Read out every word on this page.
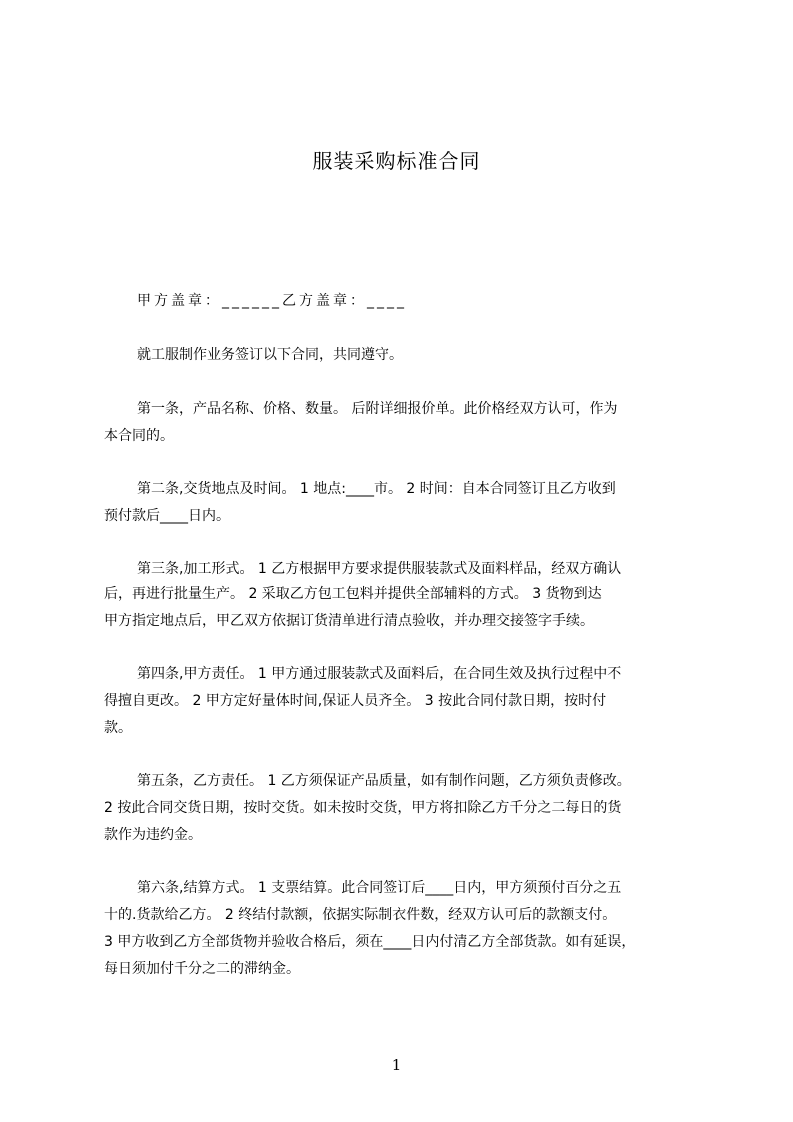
服装采购标准合同
甲方盖章：______乙方盖章：____
就工服制作业务签订以下合同，共同遵守。
第一条，产品名称、价格、数量。 后附详细报价单。此价格经双方认可，作为
本合同的。
第二条,交货地点及时间。 1 地点:____市。 2 时间：自本合同签订且乙方收到
预付款后____日内。
第三条,加工形式。 1 乙方根据甲方要求提供服装款式及面料样品，经双方确认
后，再进行批量生产。 2 采取乙方包工包料并提供全部辅料的方式。 3 货物到达
甲方指定地点后，甲乙双方依据订货清单进行清点验收，并办理交接签字手续。
第四条,甲方责任。 1 甲方通过服装款式及面料后，在合同生效及执行过程中不
得擅自更改。 2 甲方定好量体时间,保证人员齐全。 3 按此合同付款日期，按时付
款。
第五条，乙方责任。 1 乙方须保证产品质量，如有制作问题，乙方须负责修改。
2 按此合同交货日期，按时交货。如未按时交货，甲方将扣除乙方千分之二每日的货
款作为违约金。
第六条,结算方式。 1 支票结算。此合同签订后____日内，甲方须预付百分之五
十的.货款给乙方。 2 终结付款额，依据实际制衣件数，经双方认可后的款额支付。
3 甲方收到乙方全部货物并验收合格后，须在____日内付清乙方全部货款。如有延误，
每日须加付千分之二的滞纳金。
1
